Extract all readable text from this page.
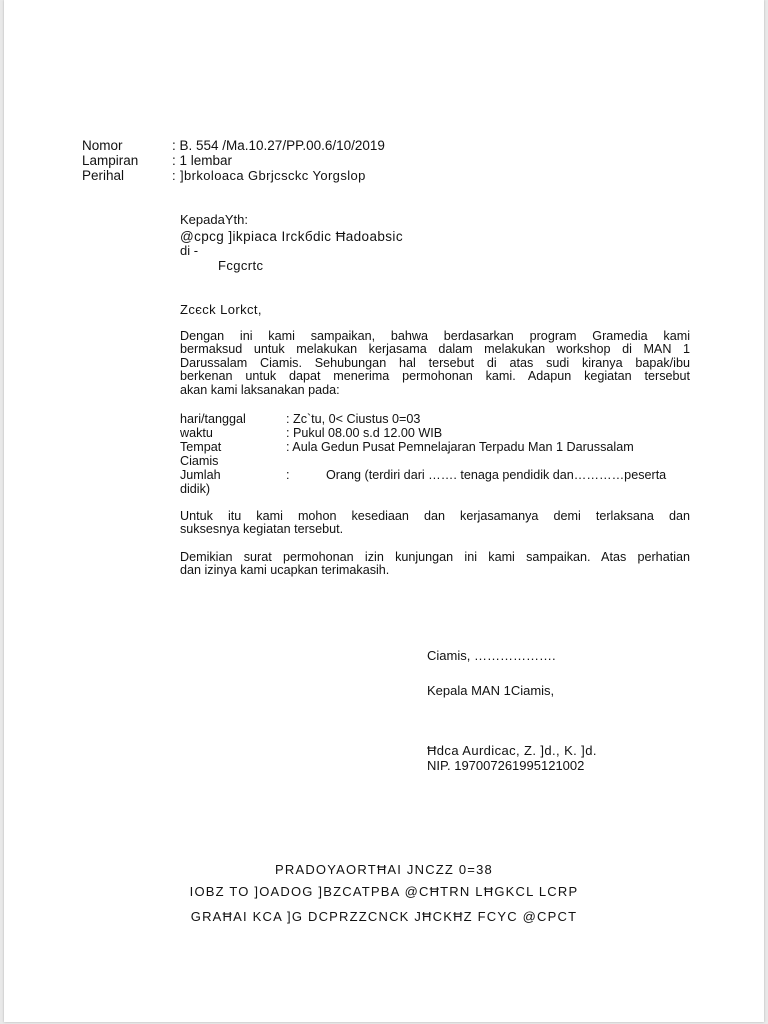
Nomor	: B. 554 /Ma.10.27/PP.00.6/10/2019
Lampiran : 1 lembar
Perihal	: ]brkоloaca Gbrjcsckc Yorgslоp
KepadaYth:
@cpcg ]ikpiaca Irckбdic Ħadoabsic
di -
Fcgcrtc
Zcєck Lorkct,
Dengan ini kami sampaikan, bahwa berdasarkan program Gramedia kami
bermaksud untuk melakukan kerjasama dalam melakukan workshop di MAN 1
Darussalam Ciamis. Sehubungan hal tersebut di atas sudi kiranya bapak/ibu
berkenan untuk dapat menerima permohonan kami. Adapun kegiatan tersebut
akan kami laksanakan pada:
hari/tanggal	: Zc`tu, 0< Ciustus 0=03
waktu	: Pukul 08.00 s.d 12.00 WIB
Tempat	: Aula Gedun Pusat Pemnelajaran Terpadu Man 1 Darussalam
Ciamis
Jumlah	:	Orang (terdiri dari ……. tenaga pendidik dan…………peserta
didik)
Untuk itu kami mohon kesediaan dan kerjasamanya demi terlaksana dan
suksesnya kegiatan tersebut.
Demikian surat permohonan izin kunjungan ini kami sampaikan. Atas perhatian
dan izinya kami ucapkan terimakasih.
Ciamis, ……………….
Kepala MAN 1Ciamis,
Ħdca Aurdicac, Z. ]d., K. ]d.
NIP. 197007261995121002
PRADOYAORTĦAI JNCZZ 0=38
IOBZ TO ]OADOG ]BZCATPBA @CĦTRN LĦGKCL LCRP
GRAĦAI KCA ]G DCPRZZCNCK JĦCKĦZ FCYC @CPCT
